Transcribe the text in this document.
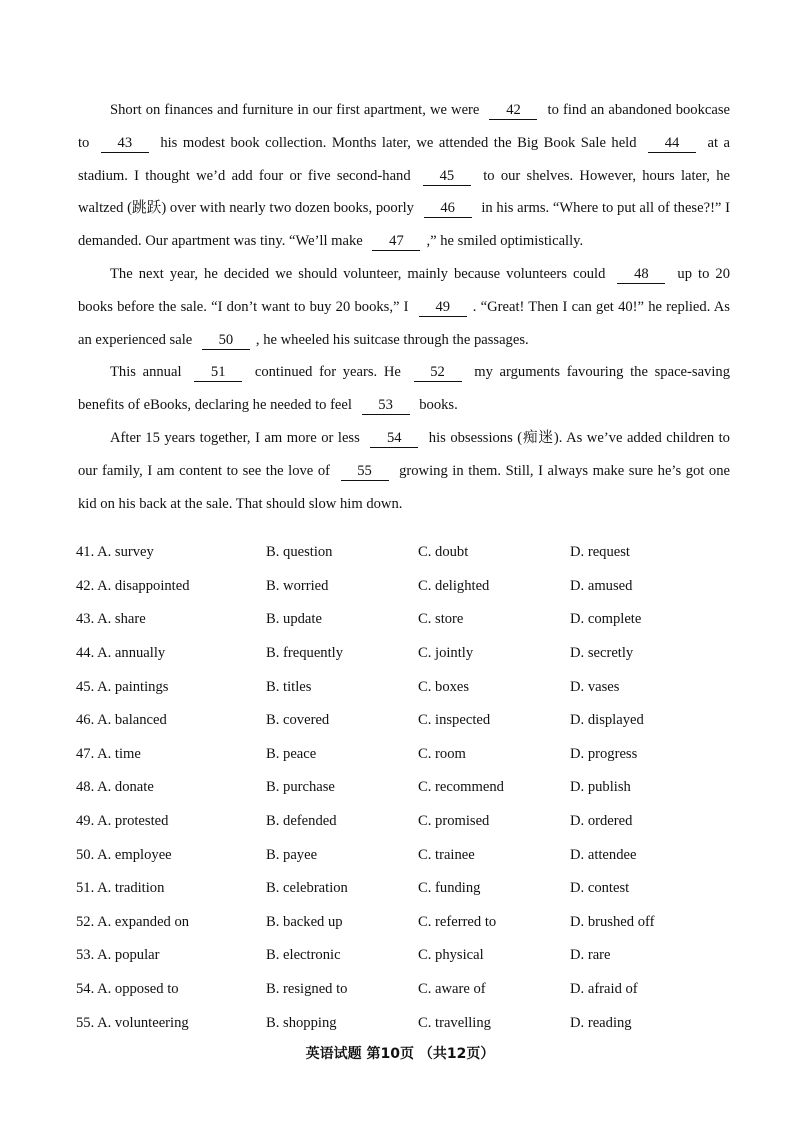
Short on finances and furniture in our first apartment, we were 42 to find an abandoned bookcase to 43 his modest book collection. Months later, we attended the Big Book Sale held 44 at a stadium. I thought we’d add four or five second-hand 45 to our shelves. However, hours later, he waltzed (跳跃) over with nearly two dozen books, poorly 46 in his arms. “Where to put all of these?!” I demanded. Our apartment was tiny. “We’ll make 47 ,” he smiled optimistically.

The next year, he decided we should volunteer, mainly because volunteers could 48 up to 20 books before the sale. “I don’t want to buy 20 books,” I 49 . “Great! Then I can get 40!” he replied. As an experienced sale 50 , he wheeled his suitcase through the passages.

This annual 51 continued for years. He 52 my arguments favouring the space-saving benefits of eBooks, declaring he needed to feel 53 books.

After 15 years together, I am more or less 54 his obsessions (痴迷). As we’ve added children to our family, I am content to see the love of 55 growing in them. Still, I always make sure he’s got one kid on his back at the sale. That should slow him down.

41. A. survey	B. question	C. doubt	D. request
42. A. disappointed	B. worried	C. delighted	D. amused
43. A. share	B. update	C. store	D. complete
44. A. annually	B. frequently	C. jointly	D. secretly
45. A. paintings	B. titles	C. boxes	D. vases
46. A. balanced	B. covered	C. inspected	D. displayed
47. A. time	B. peace	C. room	D. progress
48. A. donate	B. purchase	C. recommend	D. publish
49. A. protested	B. defended	C. promised	D. ordered
50. A. employee	B. payee	C. trainee	D. attendee
51. A. tradition	B. celebration	C. funding	D. contest
52. A. expanded on	B. backed up	C. referred to	D. brushed off
53. A. popular	B. electronic	C. physical	D. rare
54. A. opposed to	B. resigned to	C. aware of	D. afraid of
55. A. volunteering	B. shopping	C. travelling	D. reading
英语试题 第10页 （共12页）
